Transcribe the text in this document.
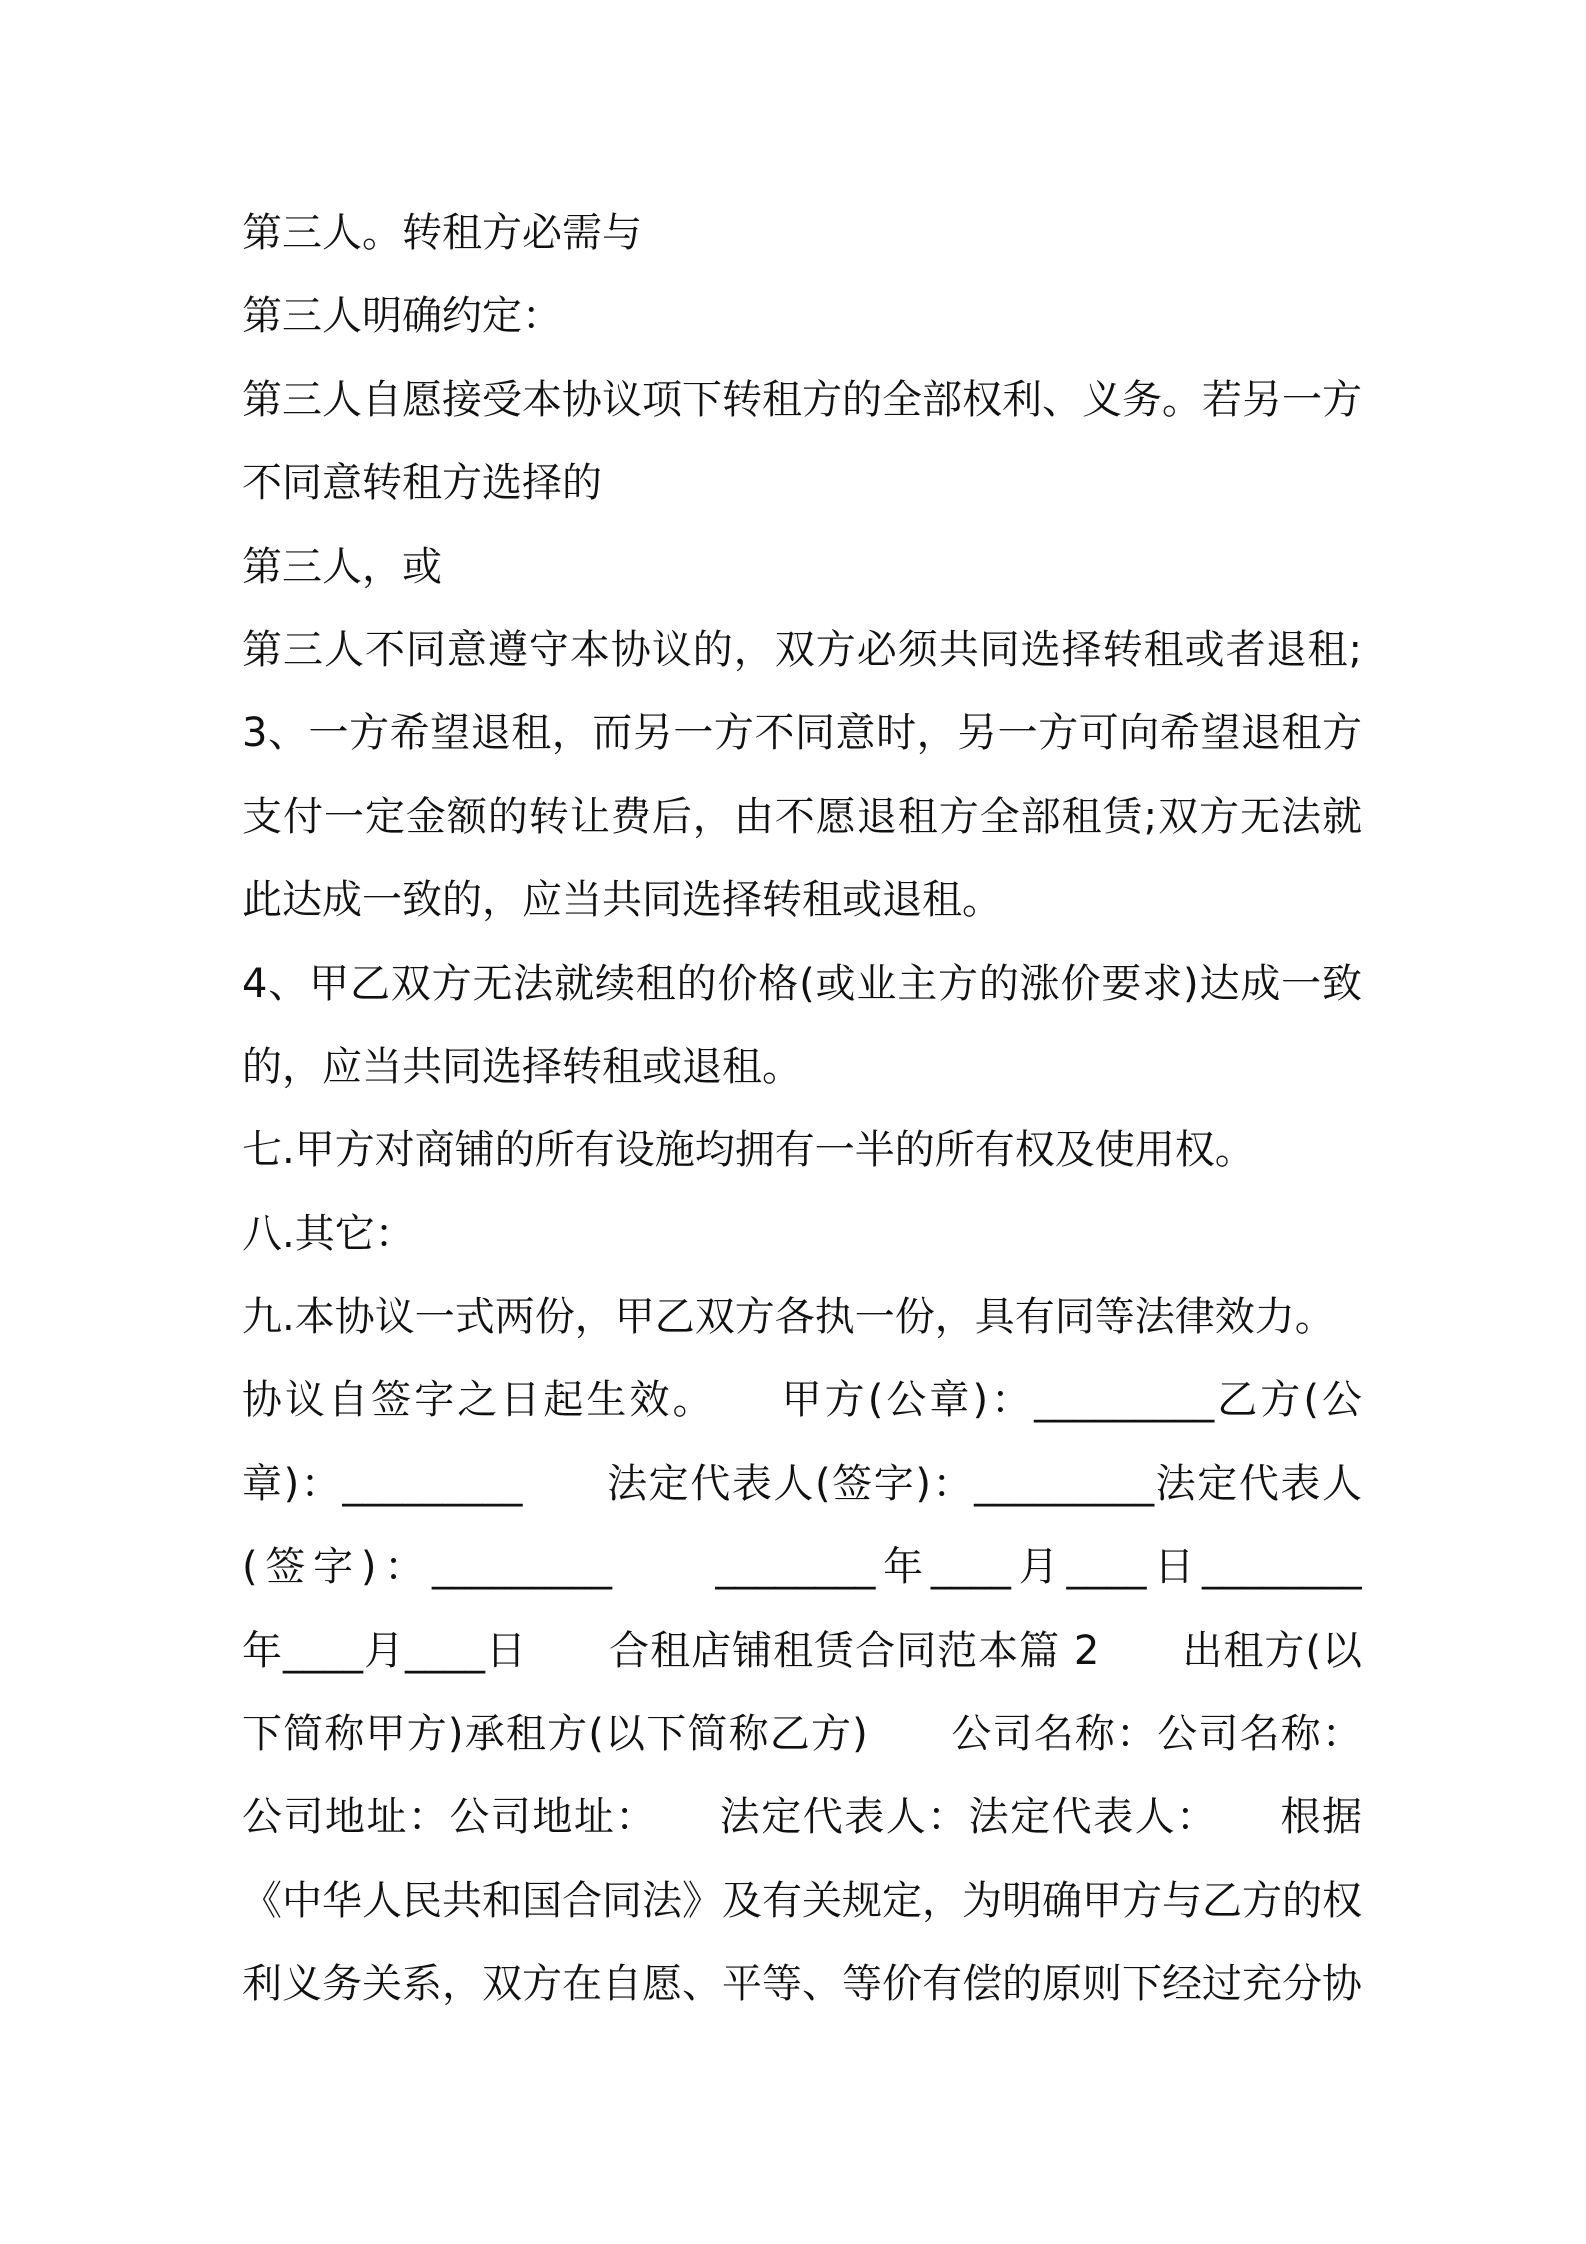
第三人。转租方必需与
第三人明确约定：
第三人自愿接受本协议项下转租方的全部权利、义务。若另一方
不同意转租方选择的
第三人，或
第三人不同意遵守本协议的，双方必须共同选择转租或者退租;
3、一方希望退租，而另一方不同意时，另一方可向希望退租方
支付一定金额的转让费后，由不愿退租方全部租赁;双方无法就
此达成一致的，应当共同选择转租或退租。
4、甲乙双方无法就续租的价格(或业主方的涨价要求)达成一致
的，应当共同选择转租或退租。
七.甲方对商铺的所有设施均拥有一半的所有权及使用权。
八.其它：
九.本协议一式两份，甲乙双方各执一份，具有同等法律效力。
协议自签字之日起生效。　　甲方(公章)：_________乙方(公
章)：_________　　法定代表人(签字)：_________法定代表人
(签字)：_________　　________年____月____日________
年____月____日　　合租店铺租赁合同范本篇 2　　出租方(以
下简称甲方)承租方(以下简称乙方)　　公司名称：公司名称：
公司地址：公司地址：　　法定代表人：法定代表人：　　根据
《中华人民共和国合同法》及有关规定，为明确甲方与乙方的权
利义务关系，双方在自愿、平等、等价有偿的原则下经过充分协
